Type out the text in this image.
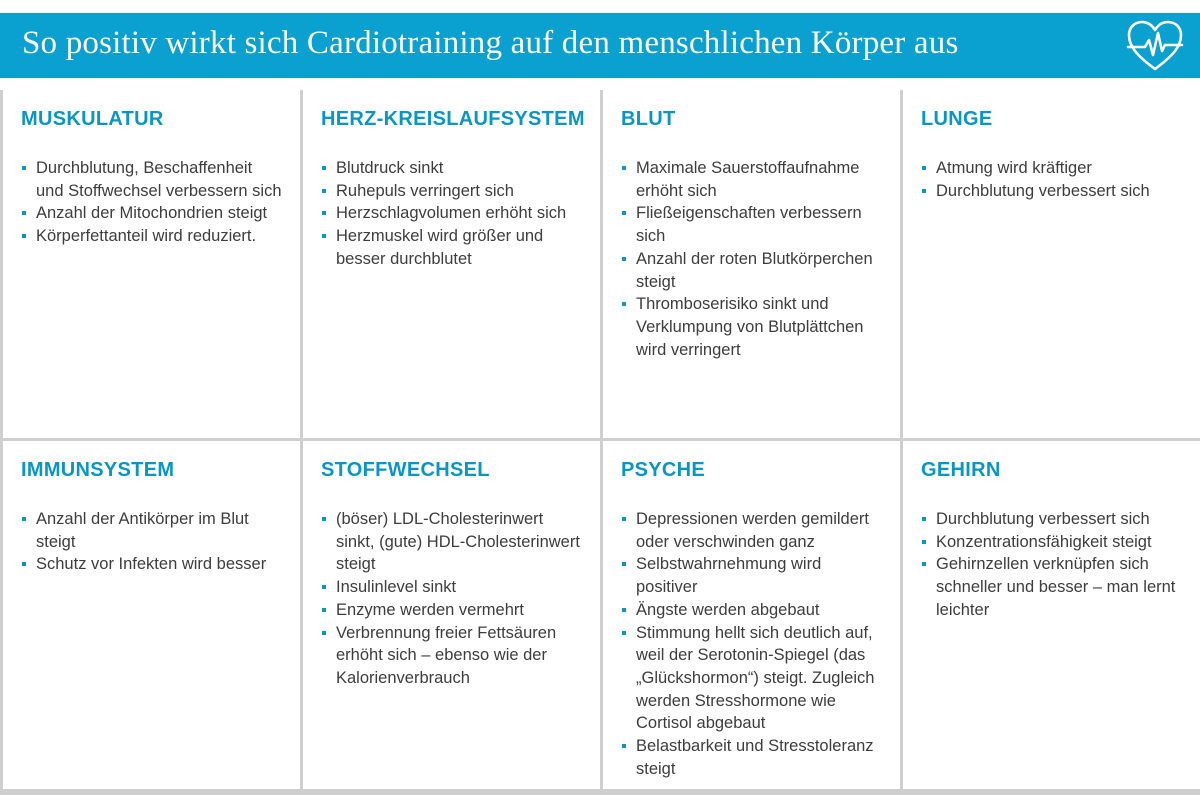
So positiv wirkt sich Cardiotraining auf den menschlichen Körper aus
MUSKULATUR
Durchblutung, Beschaffenheit und Stoffwechsel verbessern sich
Anzahl der Mitochondrien steigt
Körperfettanteil wird reduziert.
HERZ-KREISLAUFSYSTEM
Blutdruck sinkt
Ruhepuls verringert sich
Herzschlagvolumen erhöht sich
Herzmuskel wird größer und besser durchblutet
BLUT
Maximale Sauerstoffaufnahme erhöht sich
Fließeigenschaften verbessern sich
Anzahl der roten Blutkörperchen steigt
Thromboserisiko sinkt und Verklumpung von Blutplättchen wird verringert
LUNGE
Atmung wird kräftiger
Durchblutung verbessert sich
IMMUNSYSTEM
Anzahl der Antikörper im Blut steigt
Schutz vor Infekten wird besser
STOFFWECHSEL
(böser) LDL-Cholesterinwert sinkt, (gute) HDL-Cholesterinwert steigt
Insulinlevel sinkt
Enzyme werden vermehrt
Verbrennung freier Fettsäuren erhöht sich – ebenso wie der Kalorienverbrauch
PSYCHE
Depressionen werden gemildert oder verschwinden ganz
Selbstwahrnehmung wird positiver
Ängste werden abgebaut
Stimmung hellt sich deutlich auf, weil der Serotonin-Spiegel (das „Glückshormon“) steigt. Zugleich werden Stresshormone wie Cortisol abgebaut
Belastbarkeit und Stresstoleranz steigt
GEHIRN
Durchblutung verbessert sich
Konzentrationsfähigkeit steigt
Gehirnzellen verknüpfen sich schneller und besser – man lernt leichter
